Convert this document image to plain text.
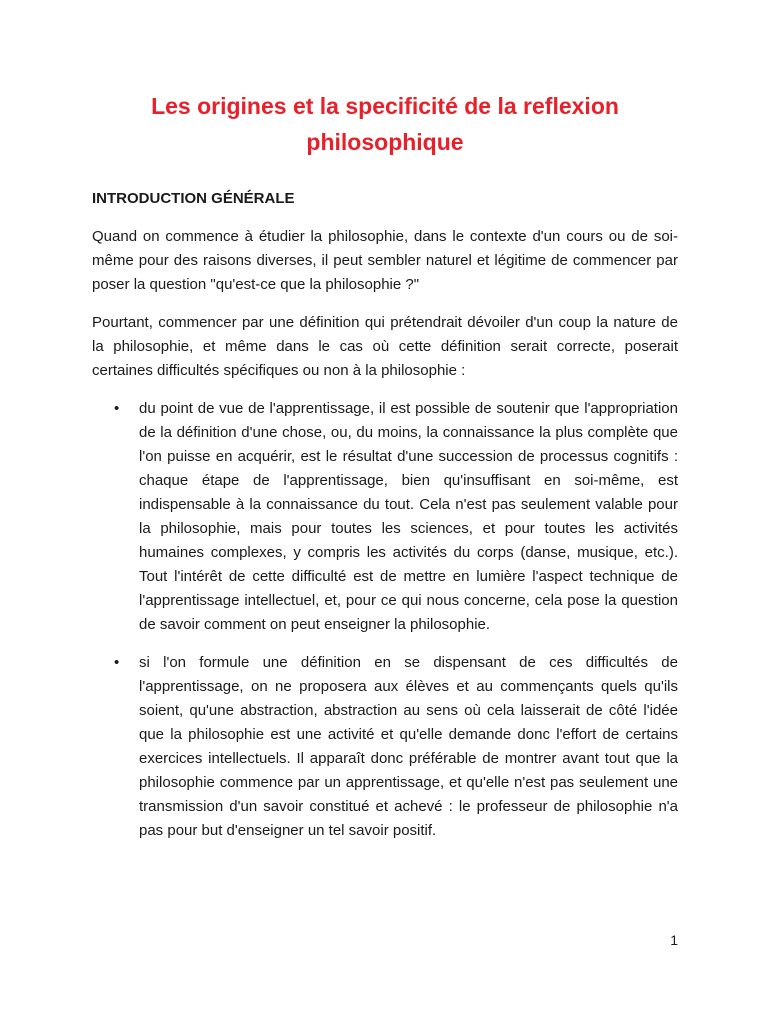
Les origines et la specificité de la reflexion philosophique
INTRODUCTION GÉNÉRALE

Quand on commence à étudier la philosophie, dans le contexte d'un cours ou de soi-même pour des raisons diverses, il peut sembler naturel et légitime de commencer par poser la question "qu'est-ce que la philosophie ?"

Pourtant, commencer par une définition qui prétendrait dévoiler d'un coup la nature de la philosophie, et même dans le cas où cette définition serait correcte, poserait certaines difficultés spécifiques ou non à la philosophie :

• du point de vue de l'apprentissage, il est possible de soutenir que l'appropriation de la définition d'une chose, ou, du moins, la connaissance la plus complète que l'on puisse en acquérir, est le résultat d'une succession de processus cognitifs : chaque étape de l'apprentissage, bien qu'insuffisant en soi-même, est indispensable à la connaissance du tout. Cela n'est pas seulement valable pour la philosophie, mais pour toutes les sciences, et pour toutes les activités humaines complexes, y compris les activités du corps (danse, musique, etc.). Tout l'intérêt de cette difficulté est de mettre en lumière l'aspect technique de l'apprentissage intellectuel, et, pour ce qui nous concerne, cela pose la question de savoir comment on peut enseigner la philosophie.
• si l'on formule une définition en se dispensant de ces difficultés de l'apprentissage, on ne proposera aux élèves et au commençants quels qu'ils soient, qu'une abstraction, abstraction au sens où cela laisserait de côté l'idée que la philosophie est une activité et qu'elle demande donc l'effort de certains exercices intellectuels. Il apparaît donc préférable de montrer avant tout que la philosophie commence par un apprentissage, et qu'elle n'est pas seulement une transmission d'un savoir constitué et achevé : le professeur de philosophie n'a pas pour but d'enseigner un tel savoir positif.
1
